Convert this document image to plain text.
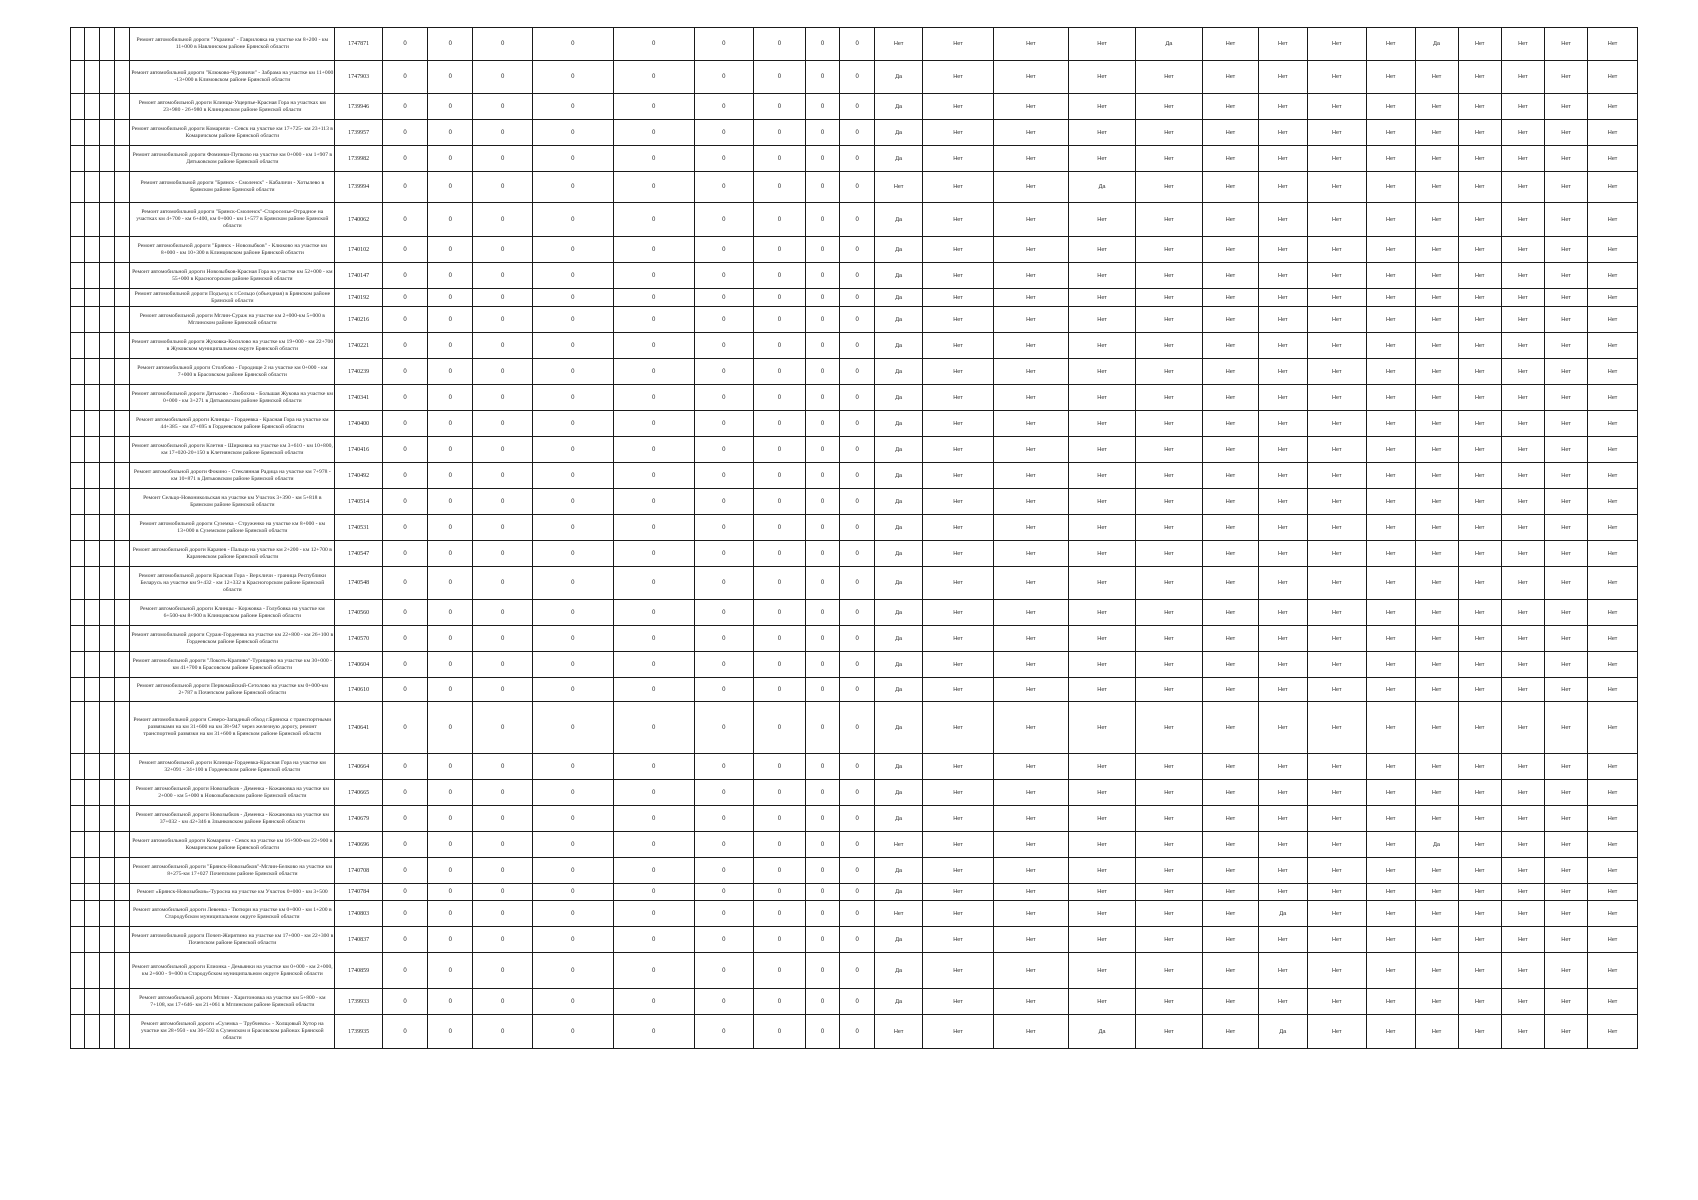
				Ремонт автомобильной дороги "Украина" - Гавриловка на участке км 8+200 - км 11+000 в Навлинском районе Брянской области	1747871	0	0	0	0	0	0	0	0	0	Нет	Нет	Нет	Нет	Да	Нет	Нет	Нет	Нет	Да	Нет	Нет	Нет	Нет
				Ремонт автомобильной дороги "Клюково-Чуровичи" - Забрама на участке км 11+000 -13+000 в Климовском районе Брянской области	1747903	0	0	0	0	0	0	0	0	0	Да	Нет	Нет	Нет	Нет	Нет	Нет	Нет	Нет	Нет	Нет	Нет	Нет	Нет
				Ремонт автомобильной дороги Клинцы-Ущерпье-Красная Гора на участках км 23+980 - 26+980 в Клинцовском районе Брянской области	1739946	0	0	0	0	0	0	0	0	0	Да	Нет	Нет	Нет	Нет	Нет	Нет	Нет	Нет	Нет	Нет	Нет	Нет	Нет
				Ремонт автомобильной дороги Комаричи - Севск на участке км 17+725- км 23+113 в Комаричском районе Брянской области	1739957	0	0	0	0	0	0	0	0	0	Да	Нет	Нет	Нет	Нет	Нет	Нет	Нет	Нет	Нет	Нет	Нет	Нет	Нет
				Ремонт автомобильной дороги Фоминки-Пупково на участке км 0+000 - км 1+907 в Дятьковском районе Брянской области	1739982	0	0	0	0	0	0	0	0	0	Да	Нет	Нет	Нет	Нет	Нет	Нет	Нет	Нет	Нет	Нет	Нет	Нет	Нет
				Ремонт автомобильной дороги "Брянск - Смоленск" - Кабаличи - Хотылево в Брянском районе Брянской области	1739994	0	0	0	0	0	0	0	0	0	Нет	Нет	Нет	Да	Нет	Нет	Нет	Нет	Нет	Нет	Нет	Нет	Нет	Нет
				Ремонт автомобильной дороги "Брянск-Смоленск"-Староселье-Отрадное на участках км 4+700 - км 6+400, км 0+000 - км 1+577 в Брянском районе Брянской области	1740062	0	0	0	0	0	0	0	0	0	Да	Нет	Нет	Нет	Нет	Нет	Нет	Нет	Нет	Нет	Нет	Нет	Нет	Нет
				Ремонт автомобильной дороги "Брянск - Новозыбков" - Клюково на участке км 8+000 - км 10+300 в Клинцовском районе Брянской области	1740102	0	0	0	0	0	0	0	0	0	Да	Нет	Нет	Нет	Нет	Нет	Нет	Нет	Нет	Нет	Нет	Нет	Нет	Нет
				Ремонт автомобильной дороги Новозыбков-Красная Гора на участке км 52+000 - км 55+000 в Красногорском районе Брянской области	1740147	0	0	0	0	0	0	0	0	0	Да	Нет	Нет	Нет	Нет	Нет	Нет	Нет	Нет	Нет	Нет	Нет	Нет	Нет
				Ремонт автомобильной дороги Подъезд к г.Сельцо (объездная) в Брянском районе Брянской области	1740192	0	0	0	0	0	0	0	0	0	Да	Нет	Нет	Нет	Нет	Нет	Нет	Нет	Нет	Нет	Нет	Нет	Нет	Нет
				Ремонт автомобильной дороги Мглин-Сураж на участке км 2+000-км 5+000 в Мглинском районе Брянской области	1740216	0	0	0	0	0	0	0	0	0	Да	Нет	Нет	Нет	Нет	Нет	Нет	Нет	Нет	Нет	Нет	Нет	Нет	Нет
				Ремонт автомобильной дороги Жуковка-Косилово на участке км 19+000 - км 22+700 в Жуковском муниципальном округе Брянской области	1740221	0	0	0	0	0	0	0	0	0	Да	Нет	Нет	Нет	Нет	Нет	Нет	Нет	Нет	Нет	Нет	Нет	Нет	Нет
				Ремонт автомобильной дороги Столбово - Городище 2 на участке км 0+000 - км 7+000 в Брасовском районе Брянской области	1740239	0	0	0	0	0	0	0	0	0	Да	Нет	Нет	Нет	Нет	Нет	Нет	Нет	Нет	Нет	Нет	Нет	Нет	Нет
				Ремонт автомобильной дороги Дятьково - Любохна - Большая Жукова на участке км 0+000 - км 3+271 в Дятьковском районе Брянской области	1740341	0	0	0	0	0	0	0	0	0	Да	Нет	Нет	Нет	Нет	Нет	Нет	Нет	Нет	Нет	Нет	Нет	Нет	Нет
				Ремонт автомобильной дороги Клинцы - Гордеевка - Красная Гора на участке км 44+385 - км 47+695 в Гордеевском районе Брянской области	1740400	0	0	0	0	0	0	0	0	0	Да	Нет	Нет	Нет	Нет	Нет	Нет	Нет	Нет	Нет	Нет	Нет	Нет	Нет
				Ремонт автомобильной дороги Клетня - Ширковка на участке км 3+610 - км 10+800, км 17+020-20+150 в Клетнянском районе Брянской области	1740416	0	0	0	0	0	0	0	0	0	Да	Нет	Нет	Нет	Нет	Нет	Нет	Нет	Нет	Нет	Нет	Нет	Нет	Нет
				Ремонт автомобильной дороги Фокино - Стеклянная Радица на участке км 7+978 - км 10+871 в Дятьковском районе Брянской области	1740492	0	0	0	0	0	0	0	0	0	Да	Нет	Нет	Нет	Нет	Нет	Нет	Нет	Нет	Нет	Нет	Нет	Нет	Нет
				Ремонт Сельцо-Новоникольская на участке км Участок 3+390 - км 5+818 в Брянском районе Брянской области	1740514	0	0	0	0	0	0	0	0	0	Да	Нет	Нет	Нет	Нет	Нет	Нет	Нет	Нет	Нет	Нет	Нет	Нет	Нет
				Ремонт автомобильной дороги Суземка - Струженко на участке км 8+000 - км 13+000 в Суземском районе Брянской области	1740531	0	0	0	0	0	0	0	0	0	Да	Нет	Нет	Нет	Нет	Нет	Нет	Нет	Нет	Нет	Нет	Нет	Нет	Нет
				Ремонт автомобильной дороги Карачев - Пальцо на участке км 2+200 - км 12+700 в Карачевском районе Брянской области	1740547	0	0	0	0	0	0	0	0	0	Да	Нет	Нет	Нет	Нет	Нет	Нет	Нет	Нет	Нет	Нет	Нет	Нет	Нет
				Ремонт автомобильной дороги Красная Гора - Верхличи - граница Республики Беларусь на участке км 9+432 - км 12+332 в Красногорском районе Брянской области	1740548	0	0	0	0	0	0	0	0	0	Да	Нет	Нет	Нет	Нет	Нет	Нет	Нет	Нет	Нет	Нет	Нет	Нет	Нет
				Ремонт автомобильной дороги Клинцы - Коржовка - Голубовка на участке км 6+500-км 8+900 в Клинцовском районе Брянской области	1740560	0	0	0	0	0	0	0	0	0	Да	Нет	Нет	Нет	Нет	Нет	Нет	Нет	Нет	Нет	Нет	Нет	Нет	Нет
				Ремонт автомобильной дороги Сураж-Гордеевка на участке км 22+800 - км 26+100 в Гордеевском районе Брянской области	1740570	0	0	0	0	0	0	0	0	0	Да	Нет	Нет	Нет	Нет	Нет	Нет	Нет	Нет	Нет	Нет	Нет	Нет	Нет
				Ремонт автомобильной дороги "Локоть-Крапиво"-Турищево на участке км 30+000 - км 41+700 в Брасовском районе Брянской области	1740604	0	0	0	0	0	0	0	0	0	Да	Нет	Нет	Нет	Нет	Нет	Нет	Нет	Нет	Нет	Нет	Нет	Нет	Нет
				Ремонт автомобильной дороги Первомайский-Сетолово на участке км 0+000-км 2+787 в Почепском районе Брянской области	1740610	0	0	0	0	0	0	0	0	0	Да	Нет	Нет	Нет	Нет	Нет	Нет	Нет	Нет	Нет	Нет	Нет	Нет	Нет
				Ремонт автомобильной дороги Северо-Западный обход г.Брянска с транспортными развязками на км 31+600 на км 38+947 через железную дорогу, ремонт транспортной развязки на км 31+600 в Брянском районе Брянской области	1740641	0	0	0	0	0	0	0	0	0	Да	Нет	Нет	Нет	Нет	Нет	Нет	Нет	Нет	Нет	Нет	Нет	Нет	Нет
				Ремонт автомобильной дороги Клинцы-Гордеевка-Красная Гора на участке км 32+091 - 34+100 в Гордеевском районе Брянской области	1740664	0	0	0	0	0	0	0	0	0	Да	Нет	Нет	Нет	Нет	Нет	Нет	Нет	Нет	Нет	Нет	Нет	Нет	Нет
				Ремонт автомобильной дороги Новозыбков - Деменка - Кожановка на участке км 2+000 - км 5+000 в Новозыбковском районе Брянской области	1740665	0	0	0	0	0	0	0	0	0	Да	Нет	Нет	Нет	Нет	Нет	Нет	Нет	Нет	Нет	Нет	Нет	Нет	Нет
				Ремонт автомобильной дороги Новозыбков - Деменка - Кожановка на участке км 37+032 - км 42+346 в Злынковском районе Брянской области	1740679	0	0	0	0	0	0	0	0	0	Да	Нет	Нет	Нет	Нет	Нет	Нет	Нет	Нет	Нет	Нет	Нет	Нет	Нет
				Ремонт автомобильной дороги Комаричи - Севск на участке км 16+900-км 22+900 в Комаричском районе Брянской области	1740696	0	0	0	0	0	0	0	0	0	Нет	Нет	Нет	Нет	Нет	Нет	Нет	Нет	Нет	Да	Нет	Нет	Нет	Нет
				Ремонт автомобильной дороги "Брянск-Новозыбков"-Мглин-Белково на участке км 8+275-км 17+027 Почепском районе Брянской области	1740708	0	0	0	0	0	0	0	0	0	Да	Нет	Нет	Нет	Нет	Нет	Нет	Нет	Нет	Нет	Нет	Нет	Нет	Нет
				Ремонт «Брянск-Новозыбков»-Туросна на участке км Участок 0+000 - км 3+500	1740784	0	0	0	0	0	0	0	0	0	Да	Нет	Нет	Нет	Нет	Нет	Нет	Нет	Нет	Нет	Нет	Нет	Нет	Нет
				Ремонт автомобильной дороги Левенка - Тютюри на участке км 0+000 - км 1+200 в Стародубском муниципальном округе Брянской области	1740803	0	0	0	0	0	0	0	0	0	Нет	Нет	Нет	Нет	Нет	Нет	Да	Нет	Нет	Нет	Нет	Нет	Нет	Нет
				Ремонт автомобильной дороги Почеп-Жирятино на участке км 17+000 - км 22+300 в Почепском районе Брянской области	1740837	0	0	0	0	0	0	0	0	0	Да	Нет	Нет	Нет	Нет	Нет	Нет	Нет	Нет	Нет	Нет	Нет	Нет	Нет
				Ремонт автомобильной дороги Елионка - Демьянки на участке км 0+000 - км 2+000, км 2+600 - 9+000 в Стародубском муниципальном округе Брянской области	1740859	0	0	0	0	0	0	0	0	0	Да	Нет	Нет	Нет	Нет	Нет	Нет	Нет	Нет	Нет	Нет	Нет	Нет	Нет
				Ремонт автомобильной дороги Мглин - Харитоновка на участке км 5+800 - км 7+108, км 17+646- км 21+061 в Мглинском районе Брянской области	1739933	0	0	0	0	0	0	0	0	0	Да	Нет	Нет	Нет	Нет	Нет	Нет	Нет	Нет	Нет	Нет	Нет	Нет	Нет
				Ремонт автомобильной дороги «Суземка – Трубчевск» - Холщовый Хутор на участке км 28+950 - км 36+592 в Суземском и Брасовском районах Брянской области	1739935	0	0	0	0	0	0	0	0	0	Нет	Нет	Нет	Да	Нет	Нет	Да	Нет	Нет	Нет	Нет	Нет	Нет	Нет
